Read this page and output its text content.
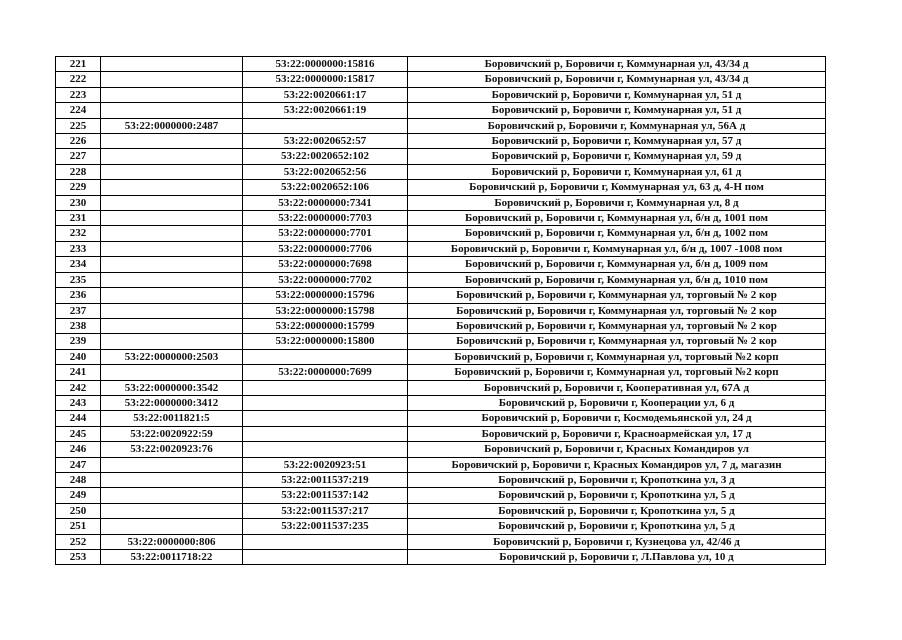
221		53:22:0000000:15816	Боровичский р, Боровичи г, Коммунарная ул, 43/34 д
222		53:22:0000000:15817	Боровичский р, Боровичи г, Коммунарная ул, 43/34 д
223		53:22:0020661:17	Боровичский р, Боровичи г, Коммунарная ул, 51 д
224		53:22:0020661:19	Боровичский р, Боровичи г, Коммунарная ул, 51 д
225	53:22:0000000:2487		Боровичский р, Боровичи г, Коммунарная ул, 56А д
226		53:22:0020652:57	Боровичский р, Боровичи г, Коммунарная ул, 57 д
227		53:22:0020652:102	Боровичский р, Боровичи г, Коммунарная ул, 59 д
228		53:22:0020652:56	Боровичский р, Боровичи г, Коммунарная ул, 61 д
229		53:22:0020652:106	Боровичский р, Боровичи г, Коммунарная ул, 63 д, 4-Н пом
230		53:22:0000000:7341	Боровичский р, Боровичи г, Коммунарная ул, 8 д
231		53:22:0000000:7703	Боровичский р, Боровичи г, Коммунарная ул, б/н д, 1001 пом
232		53:22:0000000:7701	Боровичский р, Боровичи г, Коммунарная ул, б/н д, 1002 пом
233		53:22:0000000:7706	Боровичский р, Боровичи г, Коммунарная ул, б/н д, 1007 -1008 пом
234		53:22:0000000:7698	Боровичский р, Боровичи г, Коммунарная ул, б/н д, 1009 пом
235		53:22:0000000:7702	Боровичский р, Боровичи г, Коммунарная ул, б/н д, 1010 пом
236		53:22:0000000:15796	Боровичский р, Боровичи г, Коммунарная ул, торговый № 2 кор
237		53:22:0000000:15798	Боровичский р, Боровичи г, Коммунарная ул, торговый № 2 кор
238		53:22:0000000:15799	Боровичский р, Боровичи г, Коммунарная ул, торговый № 2 кор
239		53:22:0000000:15800	Боровичский р, Боровичи г, Коммунарная ул, торговый № 2 кор
240	53:22:0000000:2503		Боровичский р, Боровичи г, Коммунарная ул, торговый №2 корп
241		53:22:0000000:7699	Боровичский р, Боровичи г, Коммунарная ул, торговый №2 корп
242	53:22:0000000:3542		Боровичский р, Боровичи г, Кооперативная ул, 67А д
243	53:22:0000000:3412		Боровичский р, Боровичи г, Кооперации ул, 6 д
244	53:22:0011821:5		Боровичский р, Боровичи г, Космодемьянской ул, 24 д
245	53:22:0020922:59		Боровичский р, Боровичи г, Красноармейская ул, 17 д
246	53:22:0020923:76		Боровичский р, Боровичи г, Красных Командиров ул
247		53:22:0020923:51	Боровичский р, Боровичи г, Красных Командиров ул, 7 д, магазин
248		53:22:0011537:219	Боровичский р, Боровичи г, Кропоткина ул, 3 д
249		53:22:0011537:142	Боровичский р, Боровичи г, Кропоткина ул, 5 д
250		53:22:0011537:217	Боровичский р, Боровичи г, Кропоткина ул, 5 д
251		53:22:0011537:235	Боровичский р, Боровичи г, Кропоткина ул, 5 д
252	53:22:0000000:806		Боровичский р, Боровичи г, Кузнецова ул, 42/46 д
253	53:22:0011718:22		Боровичский р, Боровичи г, Л.Павлова ул, 10 д
